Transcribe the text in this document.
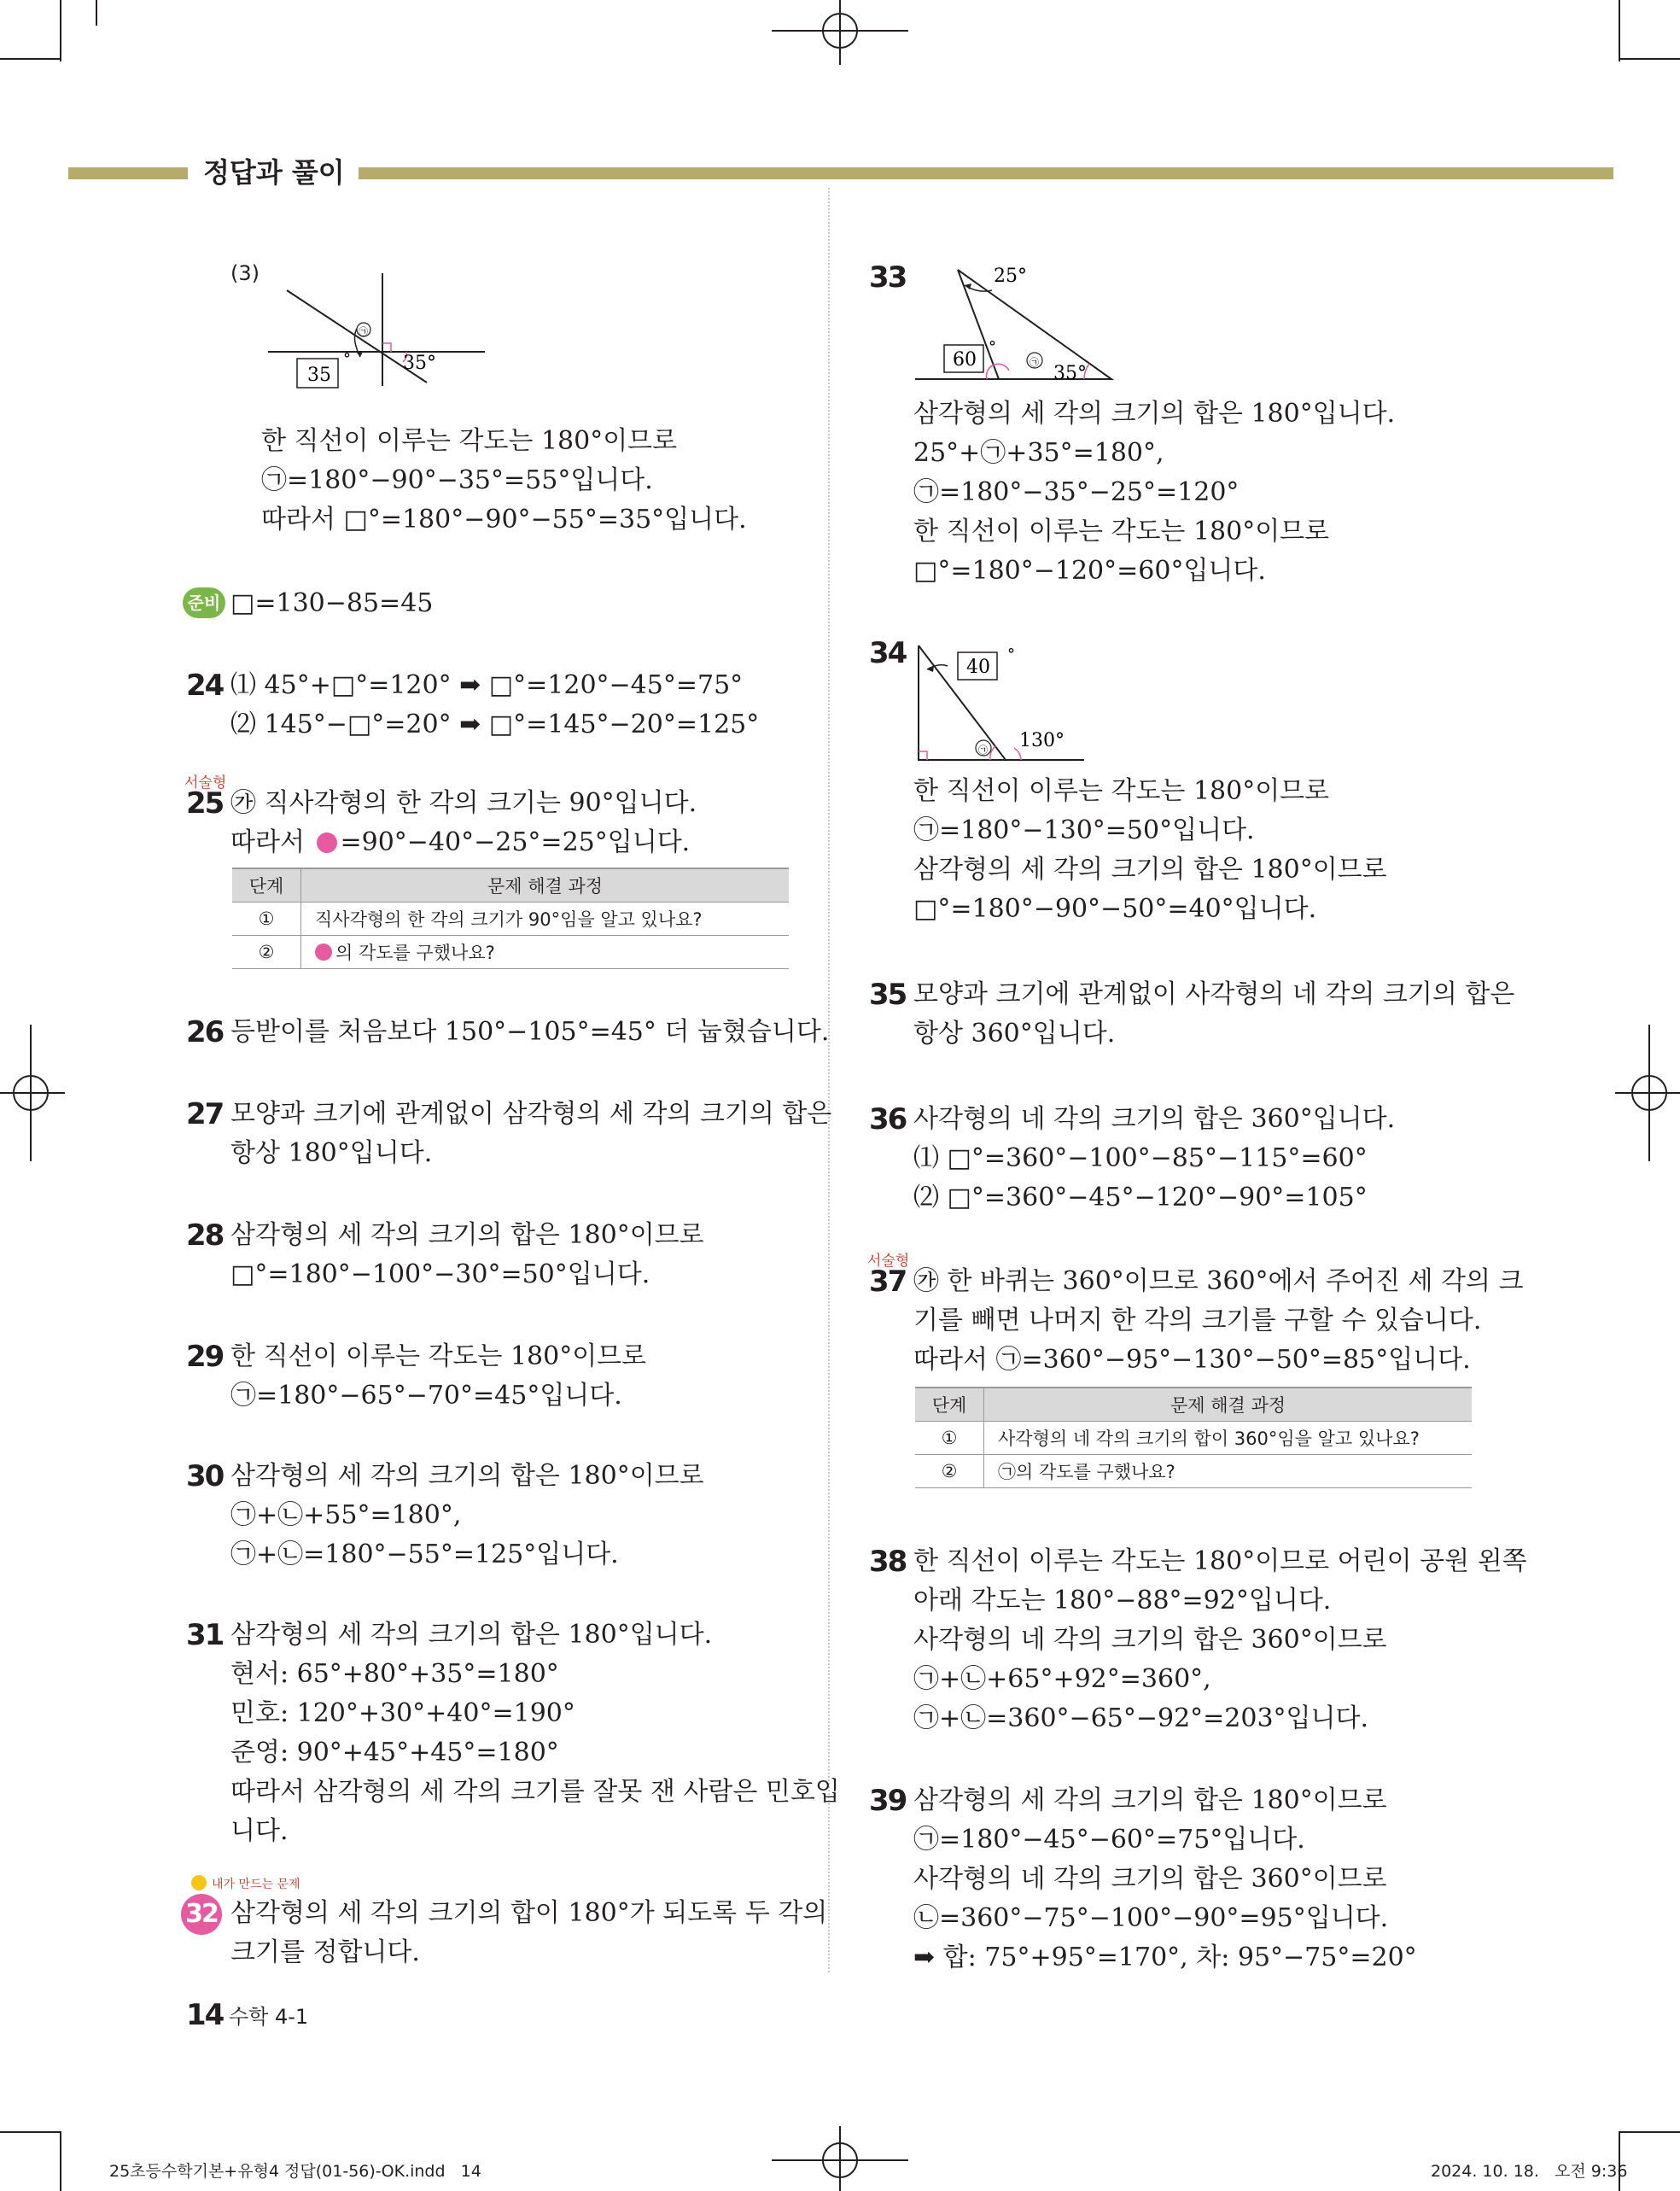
정답과 풀이
(3)
㉠
35
°	35°
한 직선이 이루는 각도는 180°이므로
㉠=180°−90°−35°=55°입니다.
따라서 □°=180°−90°−55°=35°입니다.
준비 □=130−85=45
24 ⑴ 45°+□°=120° ➡ □°=120°−45°=75°
⑵ 145°−□°=20° ➡ □°=145°−20°=125°
서술형
25 ㉮ 직사각형의 한 각의 크기는 90°입니다.
따라서 =90°−40°−25°=25°입니다.
단계	문제 해결 과정
①	직사각형의 한 각의 크기가 90°임을 알고 있나요?
②	의 각도를 구했나요?
26 등받이를 처음보다 150°−105°=45° 더 눕혔습니다.
27 모양과 크기에 관계없이 삼각형의 세 각의 크기의 합은
항상 180°입니다.
28 삼각형의 세 각의 크기의 합은 180°이므로
□°=180°−100°−30°=50°입니다.
29 한 직선이 이루는 각도는 180°이므로
㉠=180°−65°−70°=45°입니다.
30 삼각형의 세 각의 크기의 합은 180°이므로
㉠+㉡+55°=180°,
㉠+㉡=180°−55°=125°입니다.
31 삼각형의 세 각의 크기의 합은 180°입니다.
현서: 65°+80°+35°=180°
민호: 120°+30°+40°=190°
준영: 90°+45°+45°=180°
따라서 삼각형의 세 각의 크기를 잘못 잰 사람은 민호입
니다.
내가 만드는 문제
32 삼각형의 세 각의 크기의 합이 180°가 되도록 두 각의
크기를 정합니다.
33	25°
60
°
㉠
35°
삼각형의 세 각의 크기의 합은 180°입니다.
25°+㉠+35°=180°,
㉠=180°−35°−25°=120°
한 직선이 이루는 각도는 180°이므로
□°=180°−120°=60°입니다.
34	40
°
㉠ 130°
한 직선이 이루는 각도는 180°이므로
㉠=180°−130°=50°입니다.
삼각형의 세 각의 크기의 합은 180°이므로
□°=180°−90°−50°=40°입니다.
35 모양과 크기에 관계없이 사각형의 네 각의 크기의 합은
항상 360°입니다.
36 사각형의 네 각의 크기의 합은 360°입니다.
⑴ □°=360°−100°−85°−115°=60°
⑵ □°=360°−45°−120°−90°=105°
서술형
37 ㉮ 한 바퀴는 360°이므로 360°에서 주어진 세 각의 크
기를 빼면 나머지 한 각의 크기를 구할 수 있습니다.
따라서 ㉠=360°−95°−130°−50°=85°입니다.
단계	문제 해결 과정
①	사각형의 네 각의 크기의 합이 360°임을 알고 있나요?
②	㉠의 각도를 구했나요?
38 한 직선이 이루는 각도는 180°이므로 어린이 공원 왼쪽
아래 각도는 180°−88°=92°입니다.
사각형의 네 각의 크기의 합은 360°이므로
㉠+㉡+65°+92°=360°,
㉠+㉡=360°−65°−92°=203°입니다.
39 삼각형의 세 각의 크기의 합은 180°이므로
㉠=180°−45°−60°=75°입니다.
사각형의 네 각의 크기의 합은 360°이므로
㉡=360°−75°−100°−90°=95°입니다.
➡ 합: 75°+95°=170°, 차: 95°−75°=20°
14 수학 4-1
25초등수학기본+유형4 정답(01-56)-OK.indd   14	2024. 10. 18.   오전 9:36
